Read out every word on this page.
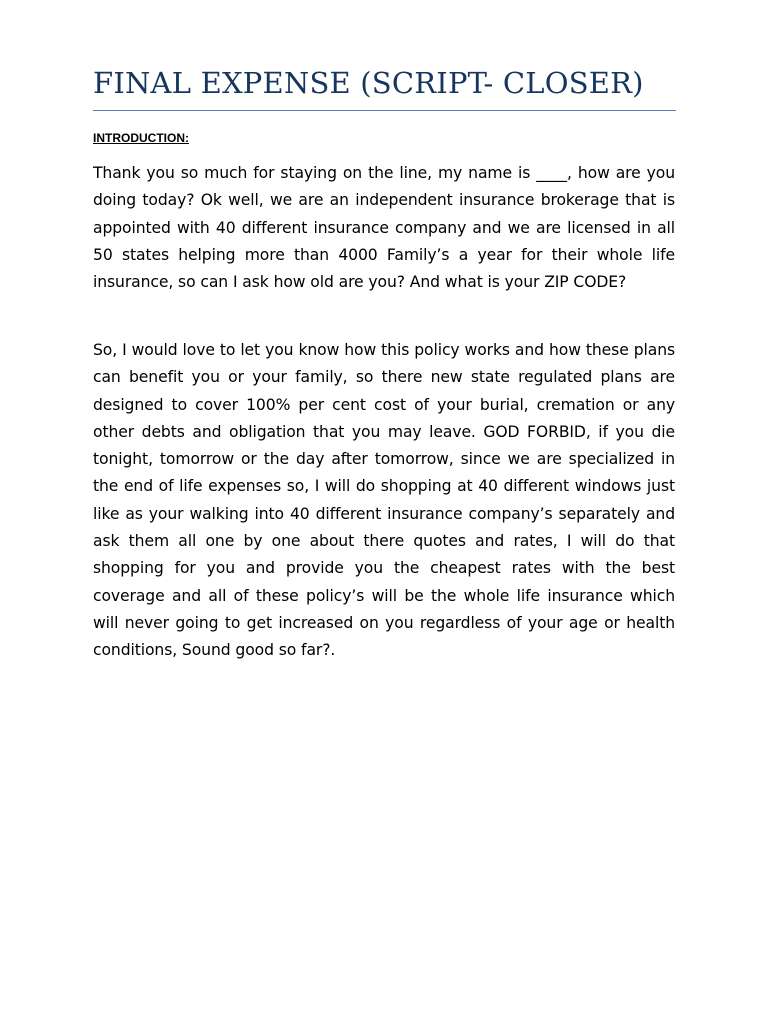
FINAL EXPENSE (SCRIPT- CLOSER)
INTRODUCTION:

Thank you so much for staying on the line, my name is ____, how are you doing today? Ok well, we are an independent insurance brokerage that is appointed with 40 different insurance company and we are licensed in all 50 states helping more than 4000 Family’s a year for their whole life insurance, so can I ask how old are you? And what is your ZIP CODE?

So, I would love to let you know how this policy works and how these plans can benefit you or your family, so there new state regulated plans are designed to cover 100% per cent cost of your burial, cremation or any other debts and obligation that you may leave. GOD FORBID, if you die tonight, tomorrow or the day after tomorrow, since we are specialized in the end of life expenses so, I will do shopping at 40 different windows just like as your walking into 40 different insurance company’s separately and ask them all one by one about there quotes and rates, I will do that shopping for you and provide you the cheapest rates with the best coverage and all of these policy’s will be the whole life insurance which will never going to get increased on you regardless of your age or health conditions, Sound good so far?.
